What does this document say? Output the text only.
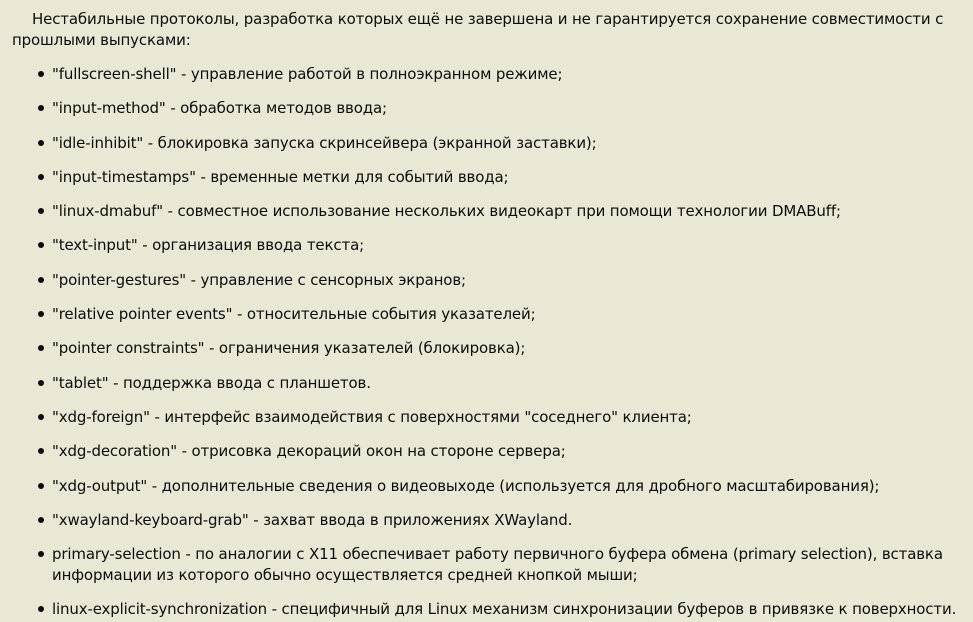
Нестабильные протоколы, разработка которых ещё не завершена и не гарантируется сохранение совместимости с прошлыми выпусками:

"fullscreen-shell" - управление работой в полноэкранном режиме;
"input-method" - обработка методов ввода;
"idle-inhibit" - блокировка запуска скринсейвера (экранной заставки);
"input-timestamps" - временные метки для событий ввода;
"linux-dmabuf" - совместное использование нескольких видеокарт при помощи технологии DMABuff;
"text-input" - организация ввода текста;
"pointer-gestures" - управление с сенсорных экранов;
"relative pointer events" - относительные события указателей;
"pointer constraints" - ограничения указателей (блокировка);
"tablet" - поддержка ввода с планшетов.
"xdg-foreign" - интерфейс взаимодействия с поверхностями "соседнего" клиента;
"xdg-decoration" - отрисовка декораций окон на стороне сервера;
"xdg-output" - дополнительные сведения о видеовыходе (используется для дробного масштабирования);
"xwayland-keyboard-grab" - захват ввода в приложениях XWayland.
primary-selection - по аналогии с X11 обеспечивает работу первичного буфера обмена (primary selection), вставка информации из которого обычно осуществляется средней кнопкой мыши;
linux-explicit-synchronization - специфичный для Linux механизм синхронизации буферов в привязке к поверхности.
